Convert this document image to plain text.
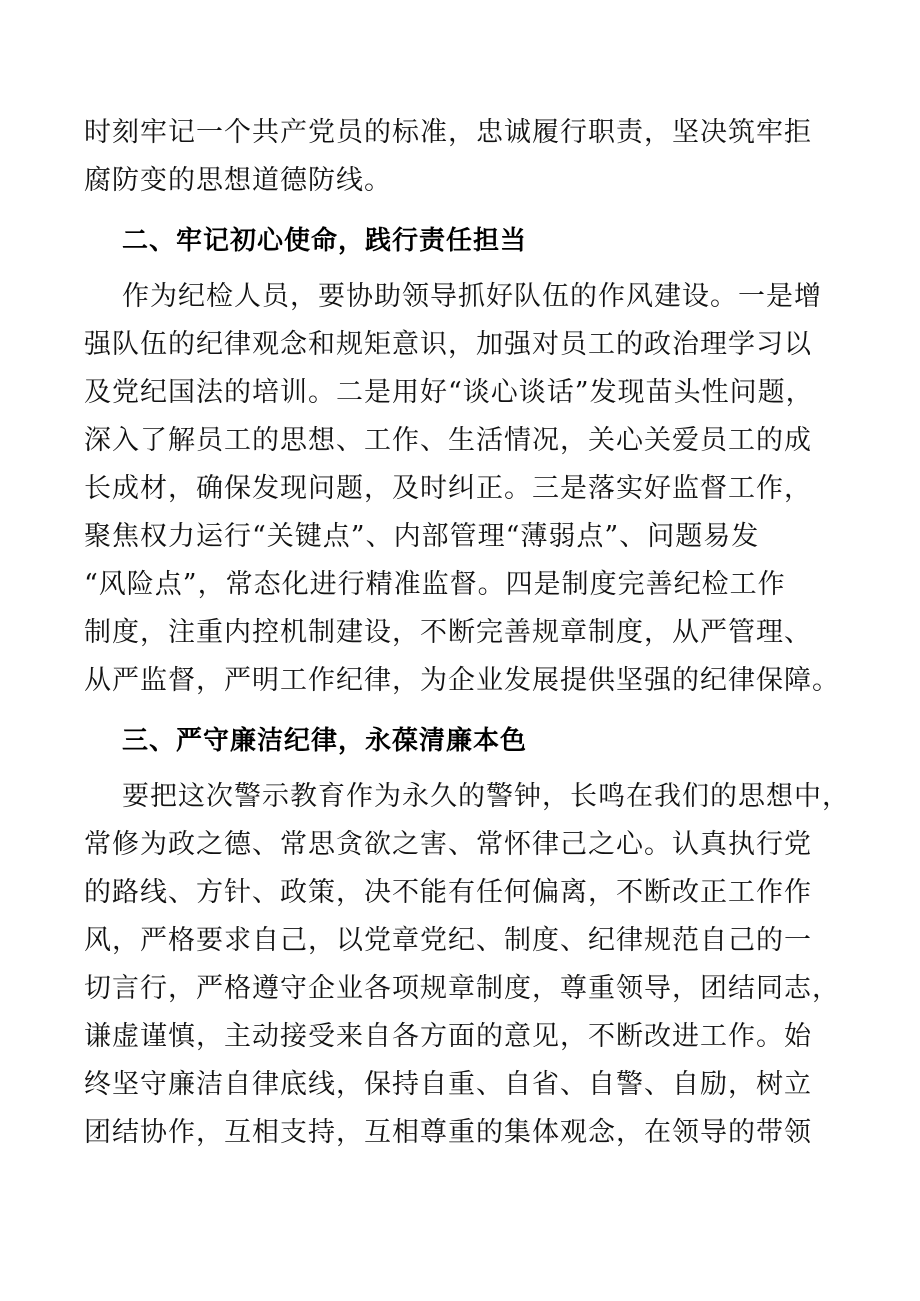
时刻牢记一个共产党员的标准，忠诚履行职责，坚决筑牢拒
腐防变的思想道德防线。
二、牢记初心使命，践行责任担当
作为纪检人员，要协助领导抓好队伍的作风建设。一是增
强队伍的纪律观念和规矩意识，加强对员工的政治理学习以
及党纪国法的培训。二是用好“谈心谈话”发现苗头性问题，
深入了解员工的思想、工作、生活情况，关心关爱员工的成
长成材，确保发现问题，及时纠正。三是落实好监督工作，
聚焦权力运行“关键点”、内部管理“薄弱点”、问题易发
“风险点”，常态化进行精准监督。四是制度完善纪检工作
制度，注重内控机制建设，不断完善规章制度，从严管理、
从严监督，严明工作纪律，为企业发展提供坚强的纪律保障。
三、严守廉洁纪律，永葆清廉本色
要把这次警示教育作为永久的警钟，长鸣在我们的思想中，
常修为政之德、常思贪欲之害、常怀律己之心。认真执行党
的路线、方针、政策，决不能有任何偏离，不断改正工作作
风，严格要求自己，以党章党纪、制度、纪律规范自己的一
切言行，严格遵守企业各项规章制度，尊重领导，团结同志，
谦虚谨慎，主动接受来自各方面的意见，不断改进工作。始
终坚守廉洁自律底线，保持自重、自省、自警、自励，树立
团结协作，互相支持，互相尊重的集体观念，在领导的带领
